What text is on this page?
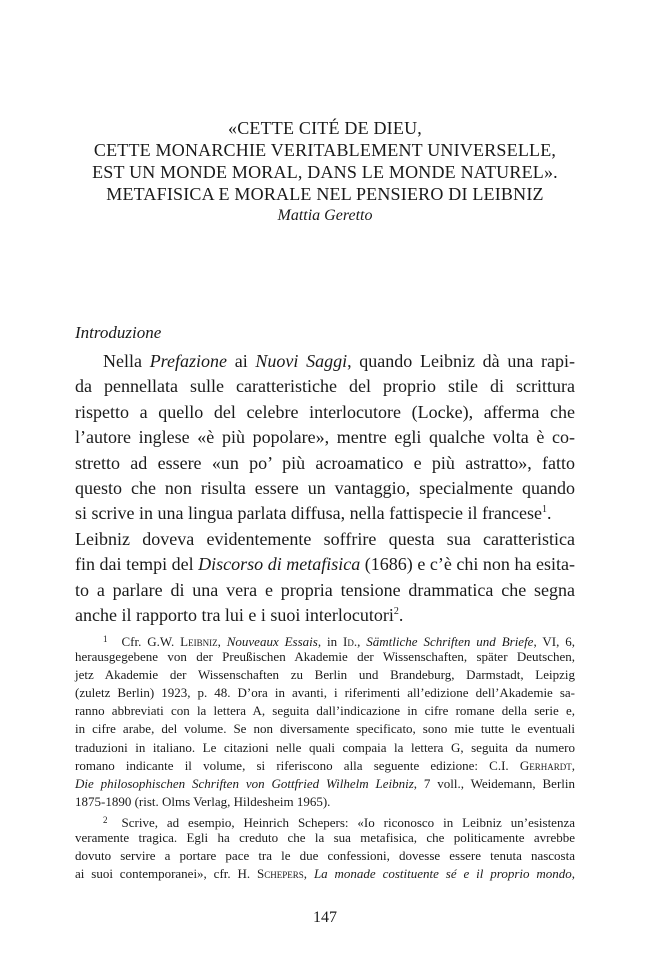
«CETTE CITÉ DE DIEU,
CETTE MONARCHIE VERITABLEMENT UNIVERSELLE,
EST UN MONDE MORAL, DANS LE MONDE NATUREL».
METAFISICA E MORALE NEL PENSIERO DI LEIBNIZ
Mattia Geretto
Introduzione
Nella Prefazione ai Nuovi Saggi, quando Leibniz dà una rapi-
da pennellata sulle caratteristiche del proprio stile di scrittura
rispetto a quello del celebre interlocutore (Locke), afferma che
l’autore inglese «è più popolare», mentre egli qualche volta è co-
stretto ad essere «un po’ più acroamatico e più astratto», fatto
questo che non risulta essere un vantaggio, specialmente quando
si scrive in una lingua parlata diffusa, nella fattispecie il francese$^1$.
Leibniz doveva evidentemente soffrire questa sua caratteristica
fin dai tempi del Discorso di metafisica (1686) e c’è chi non ha esita-
to a parlare di una vera e propria tensione drammatica che segna
anche il rapporto tra lui e i suoi interlocutori$^2$.
$^1$ Cfr. G.W. Leibniz, Nouveaux Essais, in Id., Sämtliche Schriften und Briefe, VI, 6,
herausgegebene von der Preußischen Akademie der Wissenschaften, später Deutschen,
jetz Akademie der Wissenschaften zu Berlin und Brandeburg, Darmstadt, Leipzig
(zuletz Berlin) 1923, p. 48. D’ora in avanti, i riferimenti all’edizione dell’Akademie sa-
ranno abbreviati con la lettera A, seguita dall’indicazione in cifre romane della serie e,
in cifre arabe, del volume. Se non diversamente specificato, sono mie tutte le eventuali
traduzioni in italiano. Le citazioni nelle quali compaia la lettera G, seguita da numero
romano indicante il volume, si riferiscono alla seguente edizione: C.I. Gerhardt,
Die philosophischen Schriften von Gottfried Wilhelm Leibniz, 7 voll., Weidemann, Berlin
1875-1890 (rist. Olms Verlag, Hildesheim 1965).
$^2$ Scrive, ad esempio, Heinrich Schepers: «Io riconosco in Leibniz un’esistenza
veramente tragica. Egli ha creduto che la sua metafisica, che politicamente avrebbe
dovuto servire a portare pace tra le due confessioni, dovesse essere tenuta nascosta
ai suoi contemporanei», cfr. H. Schepers, La monade costituente sé e il proprio mondo,
147
